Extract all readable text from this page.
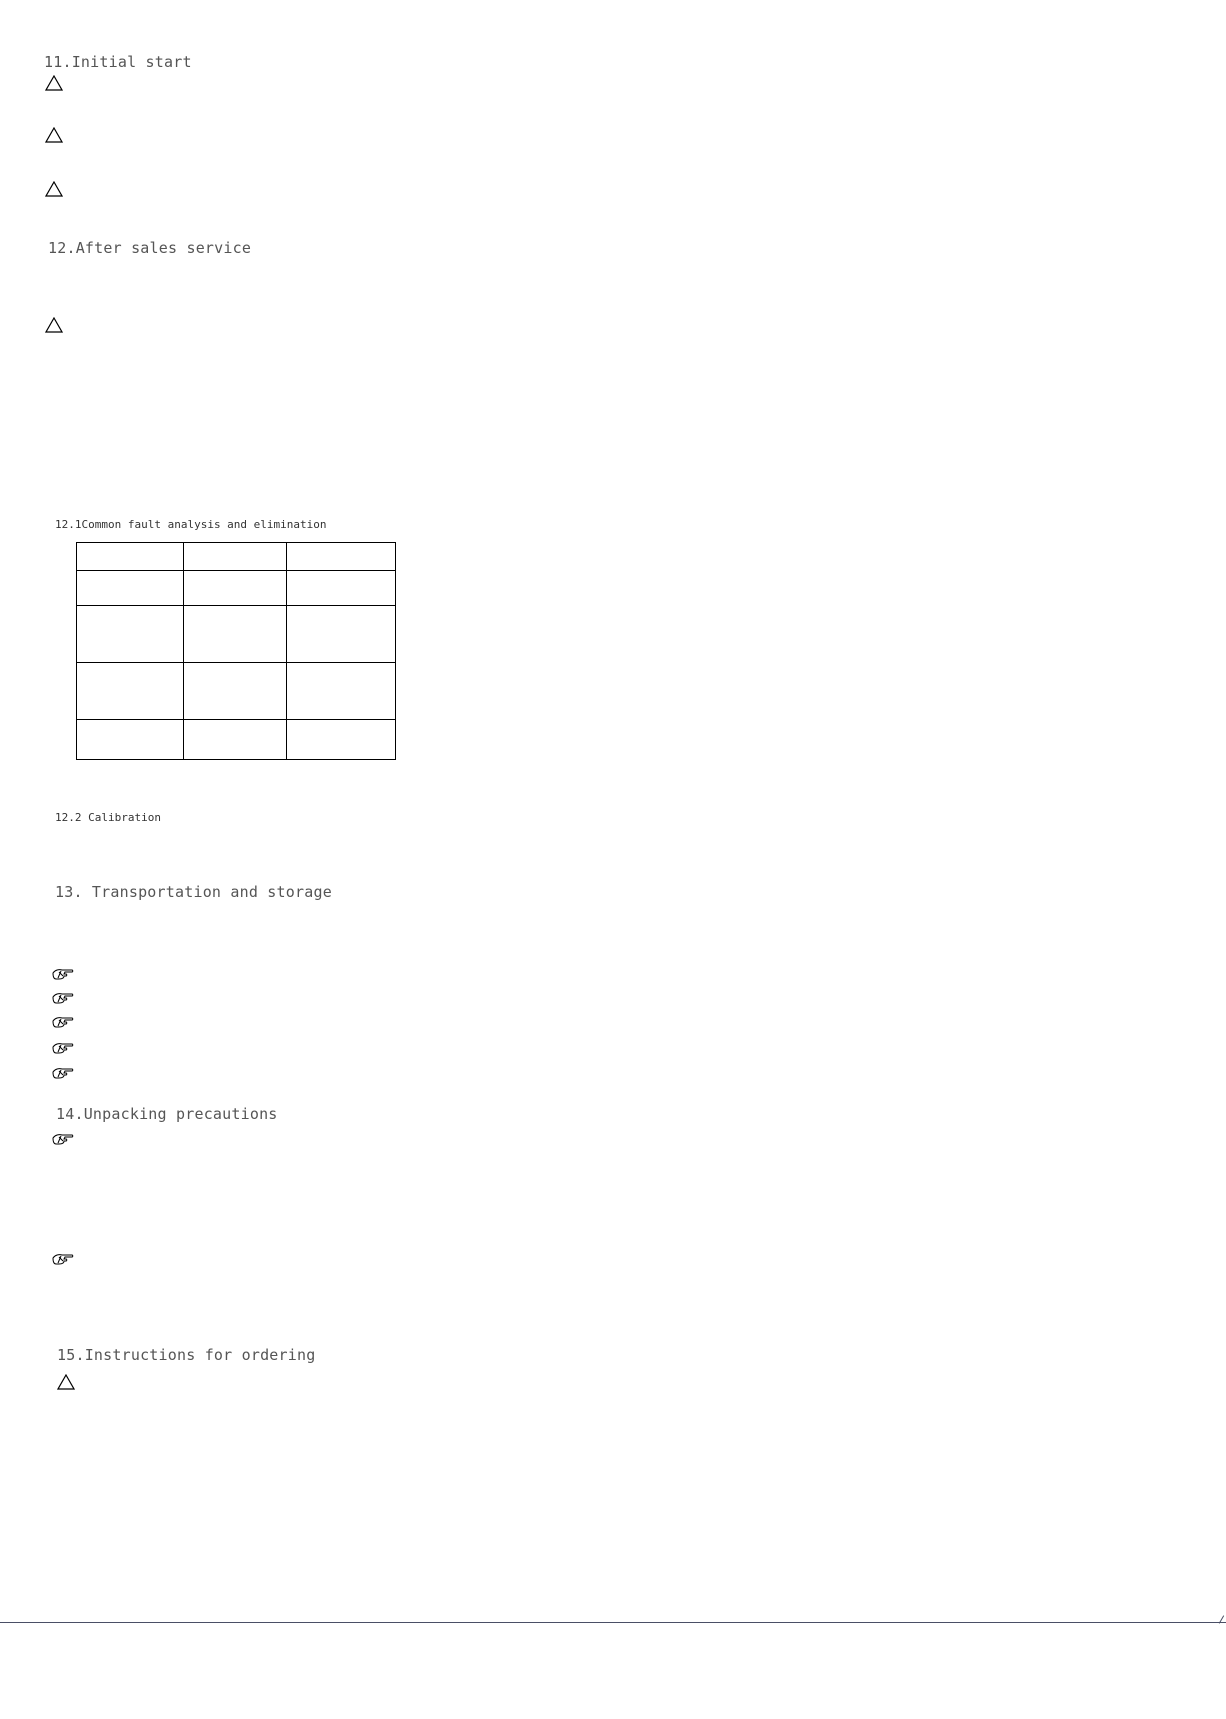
11.Initial start
12.After sales service
12.1Common fault analysis and elimination

12.2 Calibration
13. Transportation and storage
14.Unpacking precautions
15.Instructions for ordering
